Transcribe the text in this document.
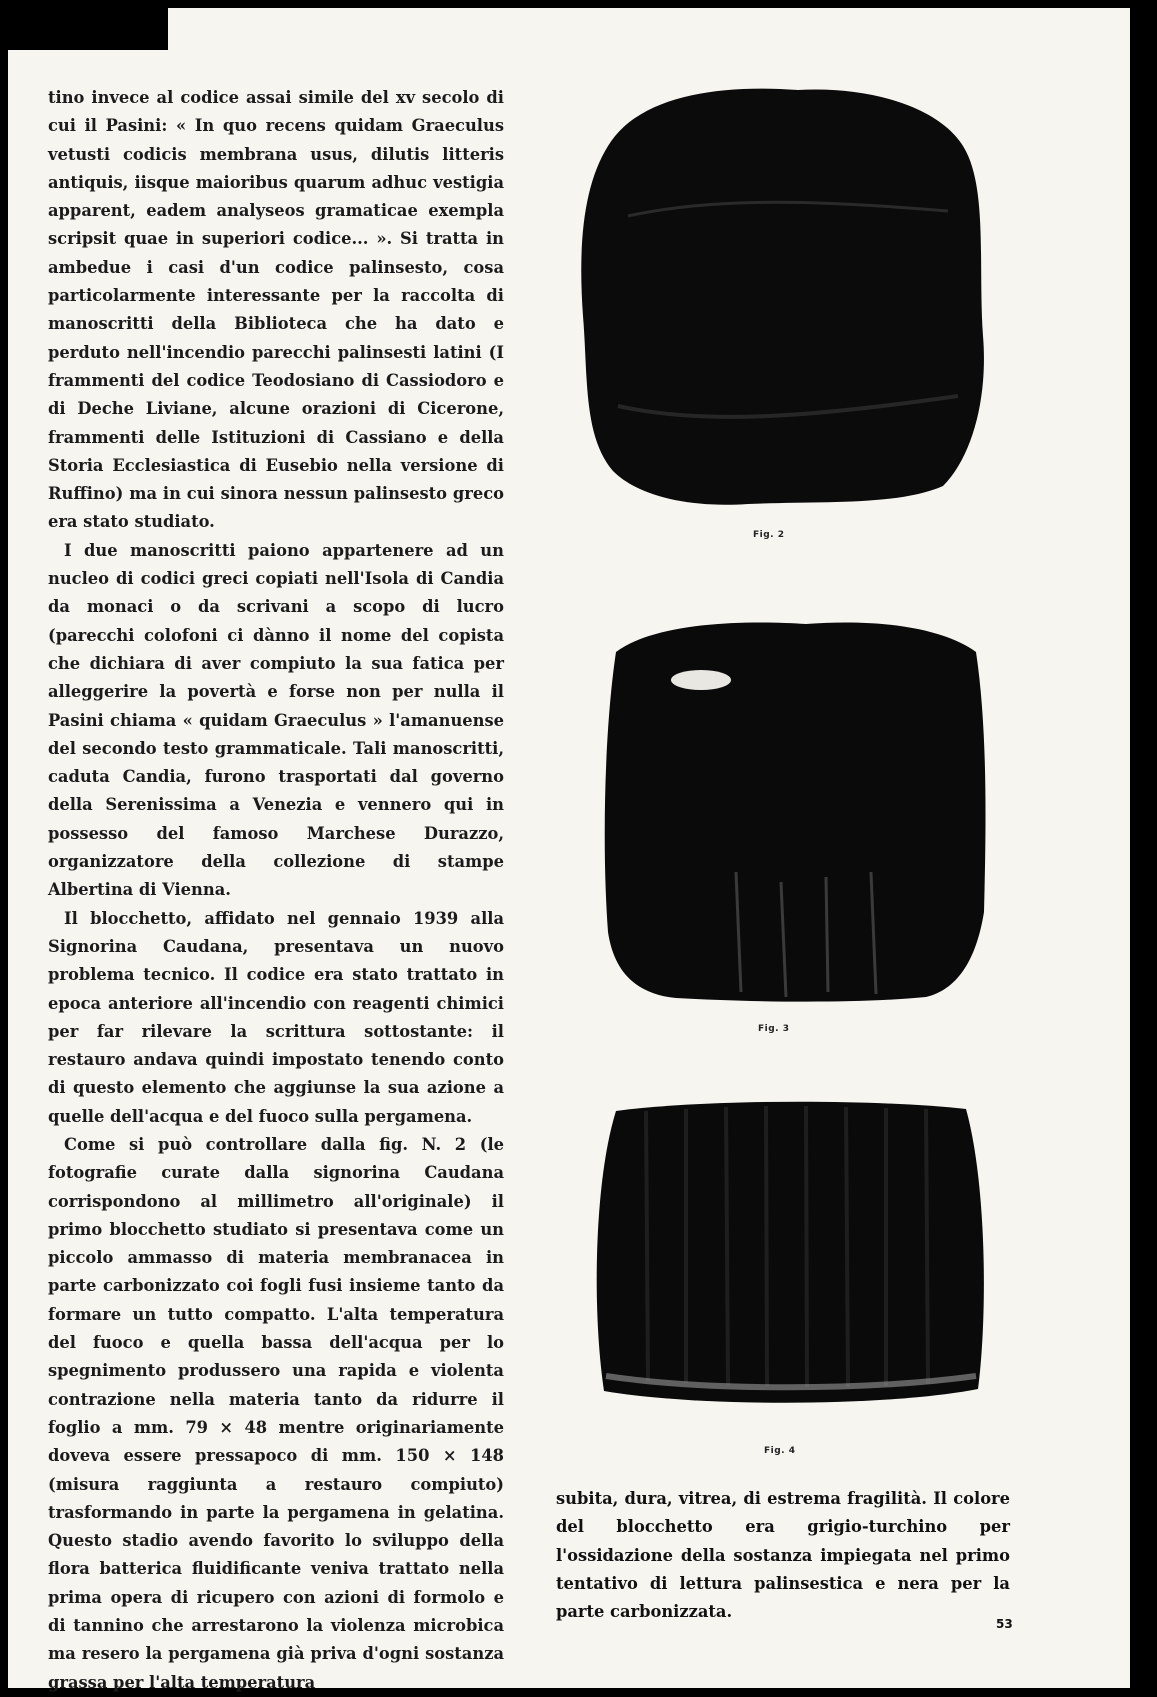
tino invece al codice assai simile del xv secolo di cui il Pasini: « In quo recens quidam Graeculus vetusti codicis membrana usus, dilutis litteris antiquis, iisque maioribus quarum adhuc vestigia apparent, eadem analyseos gramaticae exempla scripsit quae in superiori codice... ». Si tratta in ambedue i casi d'un codice palinsesto, cosa particolarmente interessante per la raccolta di manoscritti della Biblioteca che ha dato e perduto nell'incendio parecchi palinsesti latini (I frammenti del codice Teodosiano di Cassiodoro e di Deche Liviane, alcune orazioni di Cicerone, frammenti delle Istituzioni di Cassiano e della Storia Ecclesiastica di Eusebio nella versione di Ruffino) ma in cui sinora nessun palinsesto greco era stato studiato.

I due manoscritti paiono appartenere ad un nucleo di codici greci copiati nell'Isola di Candia da monaci o da scrivani a scopo di lucro (parecchi colofoni ci dànno il nome del copista che dichiara di aver compiuto la sua fatica per alleggerire la povertà e forse non per nulla il Pasini chiama « quidam Graeculus » l'amanuense del secondo testo grammaticale. Tali manoscritti, caduta Candia, furono trasportati dal governo della Serenissima a Venezia e vennero qui in possesso del famoso Marchese Durazzo, organizzatore della collezione di stampe Albertina di Vienna.

Il blocchetto, affidato nel gennaio 1939 alla Signorina Caudana, presentava un nuovo problema tecnico. Il codice era stato trattato in epoca anteriore all'incendio con reagenti chimici per far rilevare la scrittura sottostante: il restauro andava quindi impostato tenendo conto di questo elemento che aggiunse la sua azione a quelle dell'acqua e del fuoco sulla pergamena.

Come si può controllare dalla fig. N. 2 (le fotografie curate dalla signorina Caudana corrispondono al millimetro all'originale) il primo blocchetto studiato si presentava come un piccolo ammasso di materia membranacea in parte carbonizzato coi fogli fusi insieme tanto da formare un tutto compatto. L'alta temperatura del fuoco e quella bassa dell'acqua per lo spegnimento produssero una rapida e violenta contrazione nella materia tanto da ridurre il foglio a mm. 79 × 48 mentre originariamente doveva essere pressapoco di mm. 150 × 148 (misura raggiunta a restauro compiuto) trasformando in parte la pergamena in gelatina. Questo stadio avendo favorito lo sviluppo della flora batterica fluidificante veniva trattato nella prima opera di ricupero con azioni di formolo e di tannino che arrestarono la violenza microbica ma resero la pergamena già priva d'ogni sostanza grassa per l'alta temperatura

Fig. 2
Fig. 3
Fig. 4
subita, dura, vitrea, di estrema fragilità. Il colore del blocchetto era grigio-turchino per l'ossidazione della sostanza impiegata nel primo tentativo di lettura palinsestica e nera per la parte carbonizzata.
53
